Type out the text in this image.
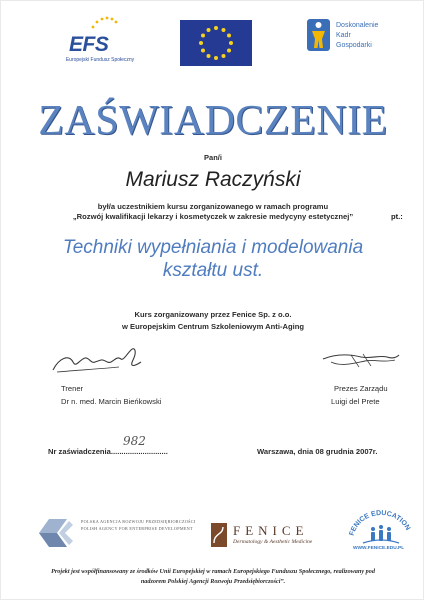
EFS
Europejski Fundusz Społeczny
Doskonalenie
Kadr
Gospodarki
ZAŚWIADCZENIE
Pan/i
Mariusz Raczyński
był/a uczestnikiem kursu zorganizowanego w ramach programu
„Rozwój kwalifikacji lekarzy i kosmetyczek w zakresie medycyny estetycznej”	pt.:
Techniki wypełniania i modelowania
kształtu ust.
Kurs zorganizowany przez Fenice Sp. z o.o.
w Europejskim Centrum Szkoleniowym Anti-Aging
Trener
Dr n. med. Marcin Bieńkowski
Prezes Zarządu
Luigi del Prete
Nr zaświadczenia...........................
982
Warszawa, dnia 08 grudnia 2007r.
POLSKA AGENCJA ROZWOJU PRZEDSIĘBIORCZOŚCI
POLISH AGENCY FOR ENTERPRISE DEVELOPMENT	FENICE
Dermatology & Aesthetic Medicine
FENICE EDUCATION
WWW.FENICE.EDU.PL
Projekt jest współfinansowany ze środków Unii Europejskiej w ramach Europejskiego Funduszu Społecznego, realizowany pod
nadzorem Polskiej Agencji Rozwoju Przedsiębiorczości”.
